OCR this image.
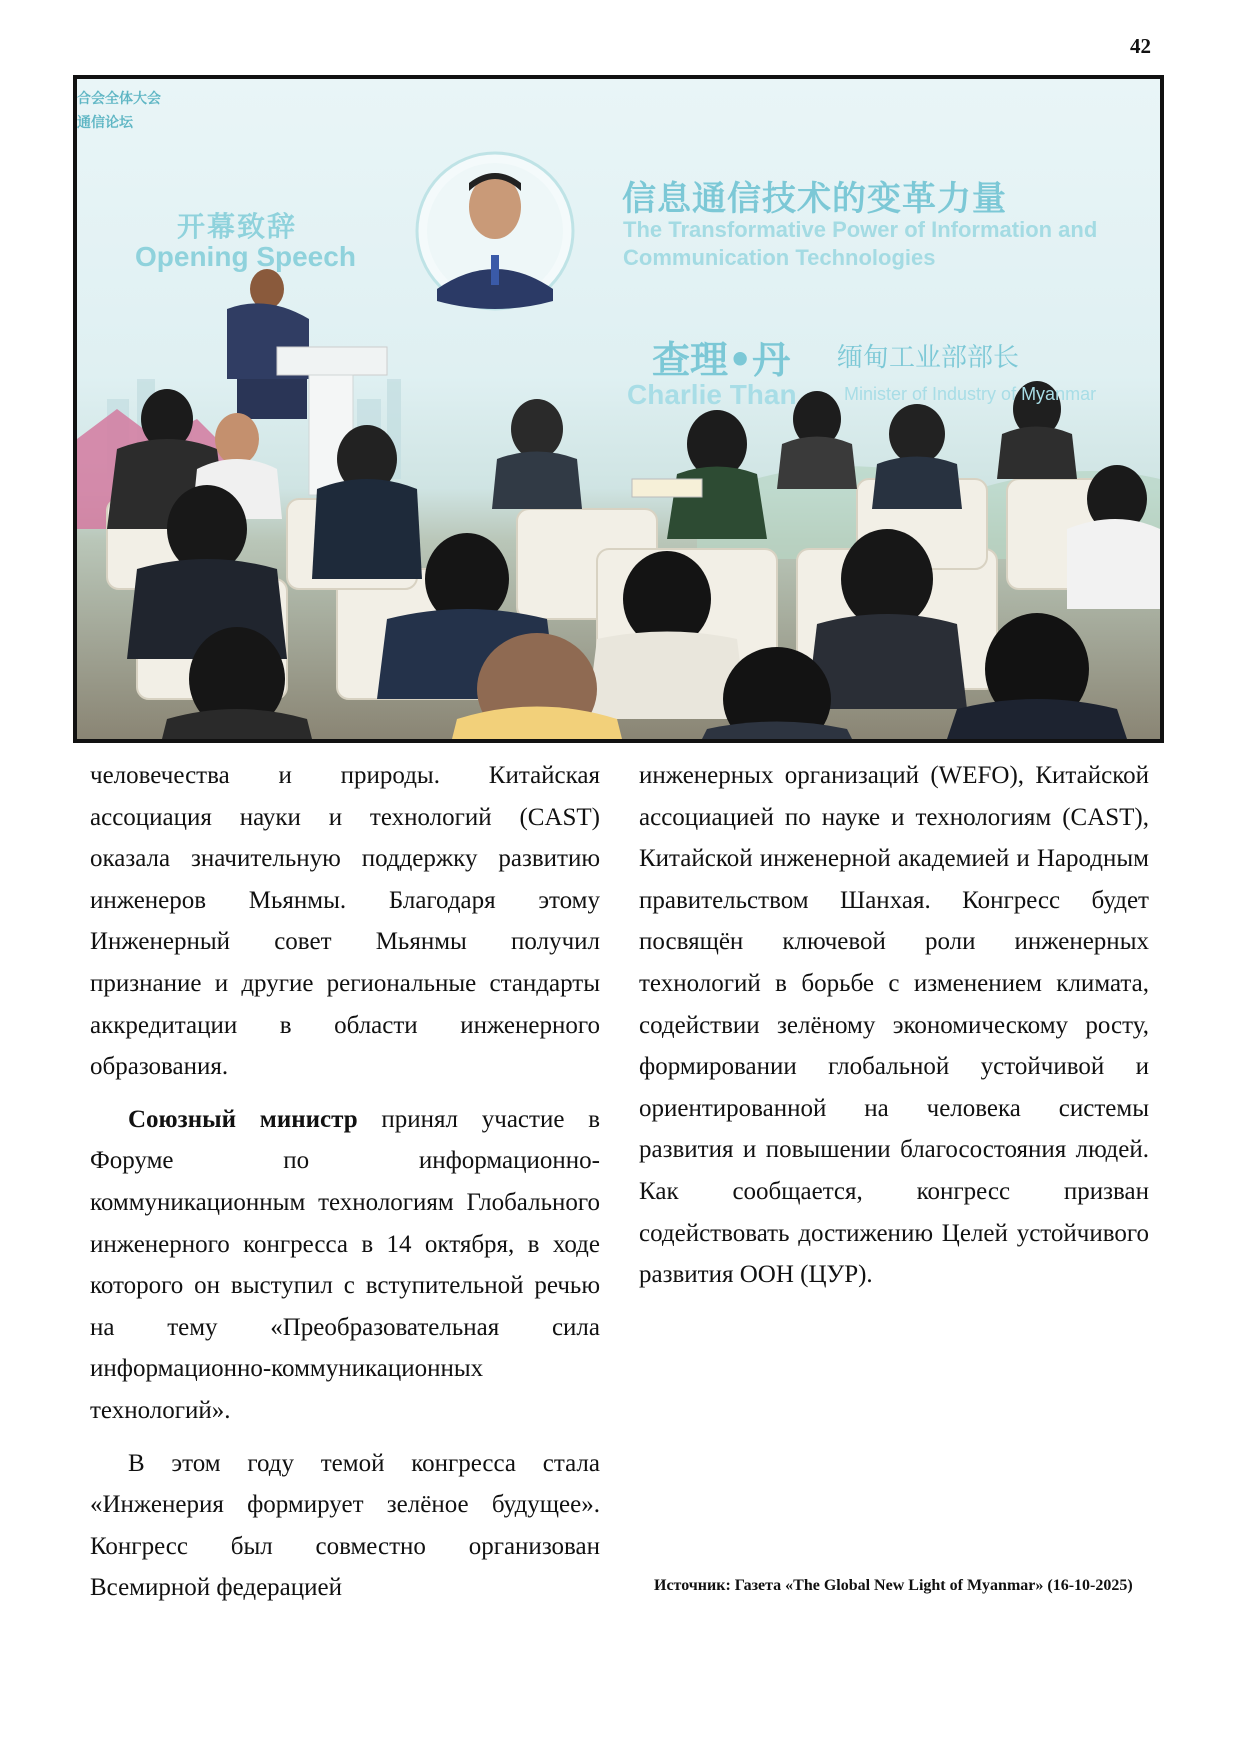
42
合会全体大会
通信论坛
开幕致辞
Opening Speech
信息通信技术的变革力量
The Transformative Power of Information and
Communication Technologies
查理•丹
Charlie Than
缅甸工业部部长
Minister of Industry of Myanmar

человечества и природы. Китайская ассоциация науки и технологий (CAST) оказала значительную поддержку развитию инженеров Мьянмы. Благодаря этому Инженерный совет Мьянмы получил признание и другие региональные стандарты аккредитации в области инженерного образования.

Союзный министр принял участие в Форуме по информационно-коммуникационным технологиям Глобального инженерного конгресса в 14 октября, в ходе которого он выступил с вступительной речью на тему «Преобразовательная сила информационно-коммуникационных технологий».

В этом году темой конгресса стала «Инженерия формирует зелёное будущее». Конгресс был совместно организован Всемирной федерацией

инженерных организаций (WEFO), Китайской ассоциацией по науке и технологиям (CAST), Китайской инженерной академией и Народным правительством Шанхая. Конгресс будет посвящён ключевой роли инженерных технологий в борьбе с изменением климата, содействии зелёному экономическому росту, формировании глобальной устойчивой и ориентированной на человека системы развития и повышении благосостояния людей. Как сообщается, конгресс призван содействовать достижению Целей устойчивого развития ООН (ЦУР).

Источник: Газета «The Global New Light of Myanmar» (16-10-2025)
